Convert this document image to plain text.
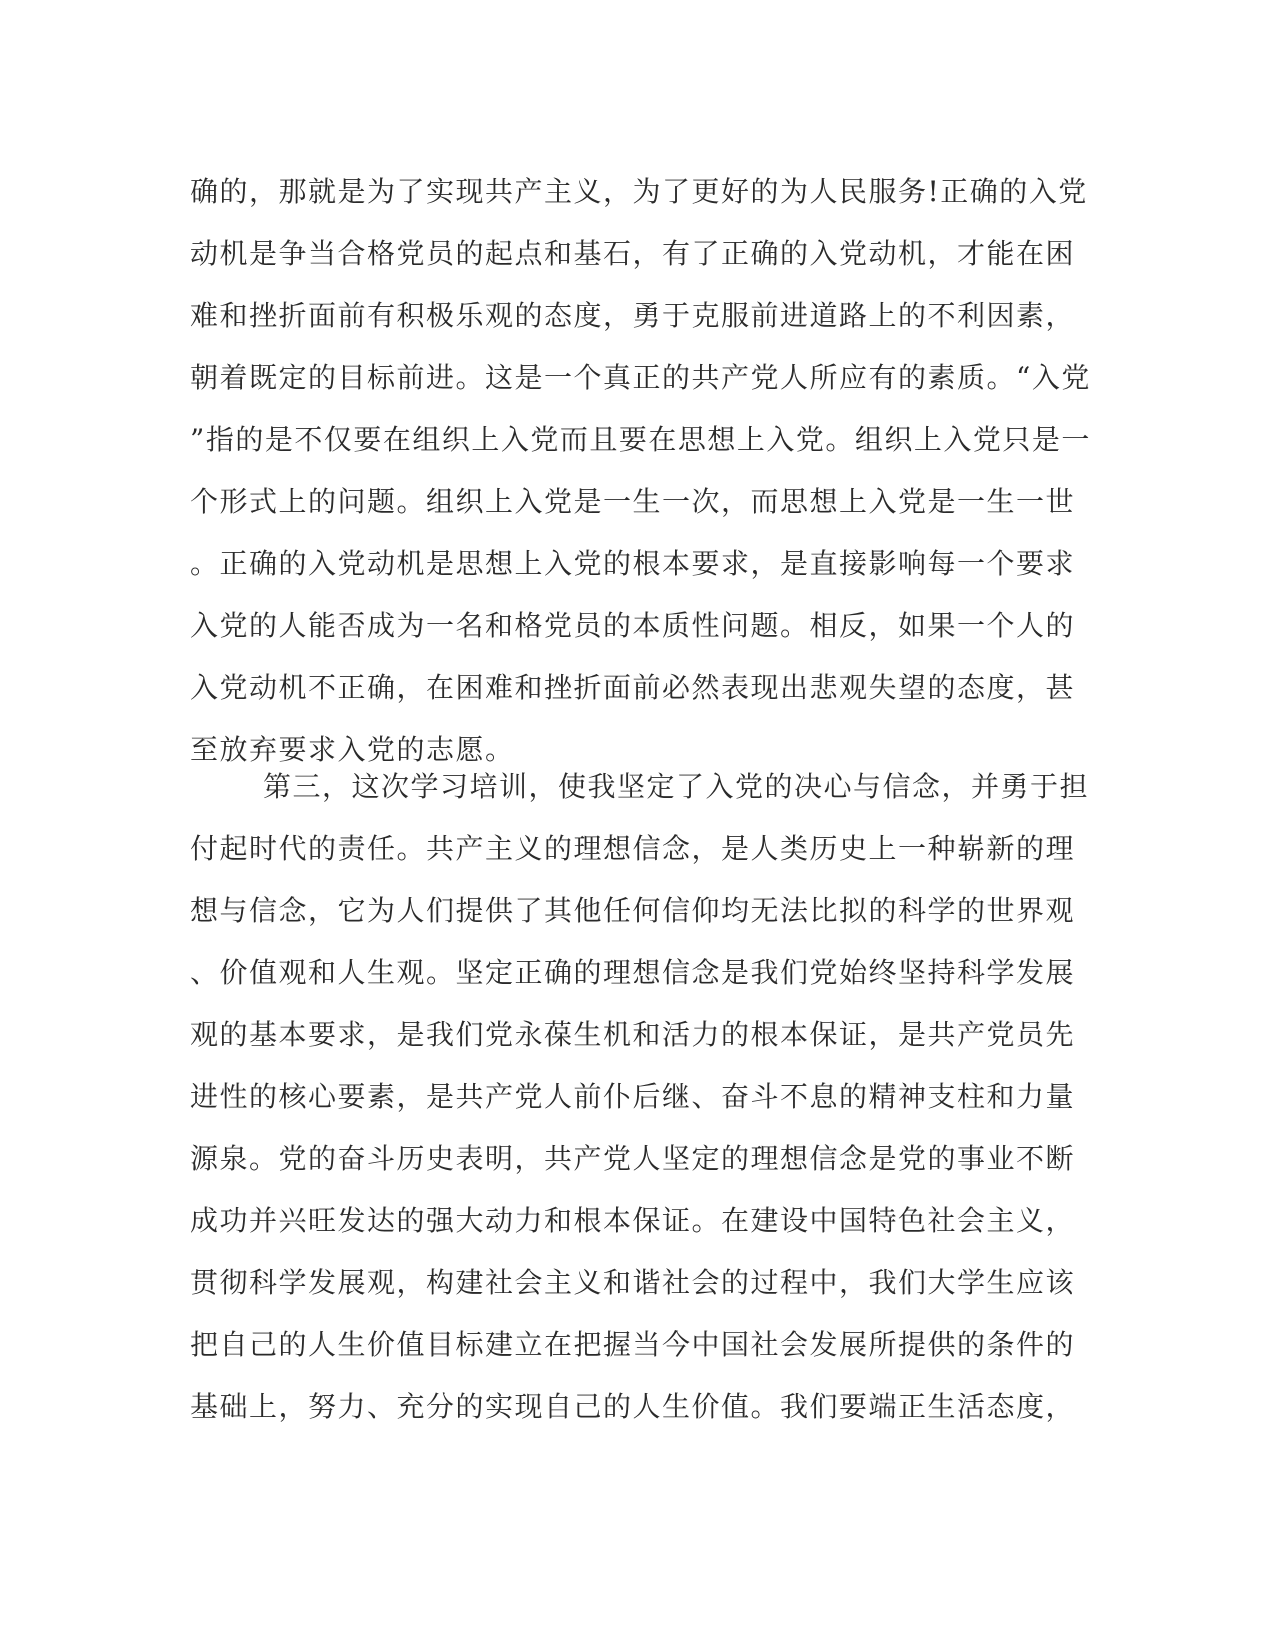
确的，那就是为了实现共产主义，为了更好的为人民服务!正确的入党
动机是争当合格党员的起点和基石，有了正确的入党动机，才能在困
难和挫折面前有积极乐观的态度，勇于克服前进道路上的不利因素，
朝着既定的目标前进。这是一个真正的共产党人所应有的素质。“入党
”指的是不仅要在组织上入党而且要在思想上入党。组织上入党只是一
个形式上的问题。组织上入党是一生一次，而思想上入党是一生一世
。正确的入党动机是思想上入党的根本要求，是直接影响每一个要求
入党的人能否成为一名和格党员的本质性问题。相反，如果一个人的
入党动机不正确，在困难和挫折面前必然表现出悲观失望的态度，甚
至放弃要求入党的志愿。
第三，这次学习培训，使我坚定了入党的决心与信念，并勇于担
付起时代的责任。共产主义的理想信念，是人类历史上一种崭新的理
想与信念，它为人们提供了其他任何信仰均无法比拟的科学的世界观
、价值观和人生观。坚定正确的理想信念是我们党始终坚持科学发展
观的基本要求，是我们党永葆生机和活力的根本保证，是共产党员先
进性的核心要素，是共产党人前仆后继、奋斗不息的精神支柱和力量
源泉。党的奋斗历史表明，共产党人坚定的理想信念是党的事业不断
成功并兴旺发达的强大动力和根本保证。在建设中国特色社会主义，
贯彻科学发展观，构建社会主义和谐社会的过程中，我们大学生应该
把自己的人生价值目标建立在把握当今中国社会发展所提供的条件的
基础上，努力、充分的实现自己的人生价值。我们要端正生活态度，
